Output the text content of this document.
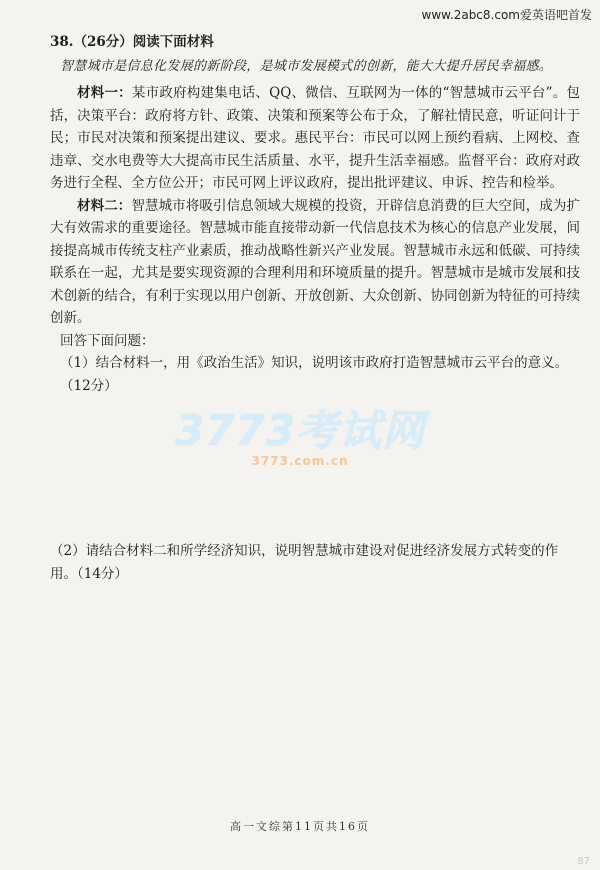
www.2abc8.com爱英语吧首发

38.（26分）阅读下面材料

智慧城市是信息化发展的新阶段，是城市发展模式的创新，能大大提升居民幸福感。

材料一：某市政府构建集电话、QQ、微信、互联网为一体的“智慧城市云平台”。包括，决策平台：政府将方针、政策、决策和预案等公布于众，了解社情民意，听证问计于民；市民对决策和预案提出建议、要求。惠民平台：市民可以网上预约看病、上网校、查违章、交水电费等大大提高市民生活质量、水平，提升生活幸福感。监督平台：政府对政务进行全程、全方位公开；市民可网上评议政府，提出批评建议、申诉、控告和检举。

材料二：智慧城市将吸引信息领域大规模的投资，开辟信息消费的巨大空间，成为扩大有效需求的重要途径。智慧城市能直接带动新一代信息技术为核心的信息产业发展，间接提高城市传统支柱产业素质，推动战略性新兴产业发展。智慧城市永远和低碳、可持续联系在一起，尤其是要实现资源的合理利用和环境质量的提升。智慧城市是城市发展和技术创新的结合，有利于实现以用户创新、开放创新、大众创新、协同创新为特征的可持续创新。

回答下面问题：

（1）结合材料一，用《政治生活》知识，说明该市政府打造智慧城市云平台的意义。（12分）

3773考试网
3773.com.cn

（2）请结合材料二和所学经济知识，说明智慧城市建设对促进经济发展方式转变的作用。（14分）

高一文综第11页共16页
87
